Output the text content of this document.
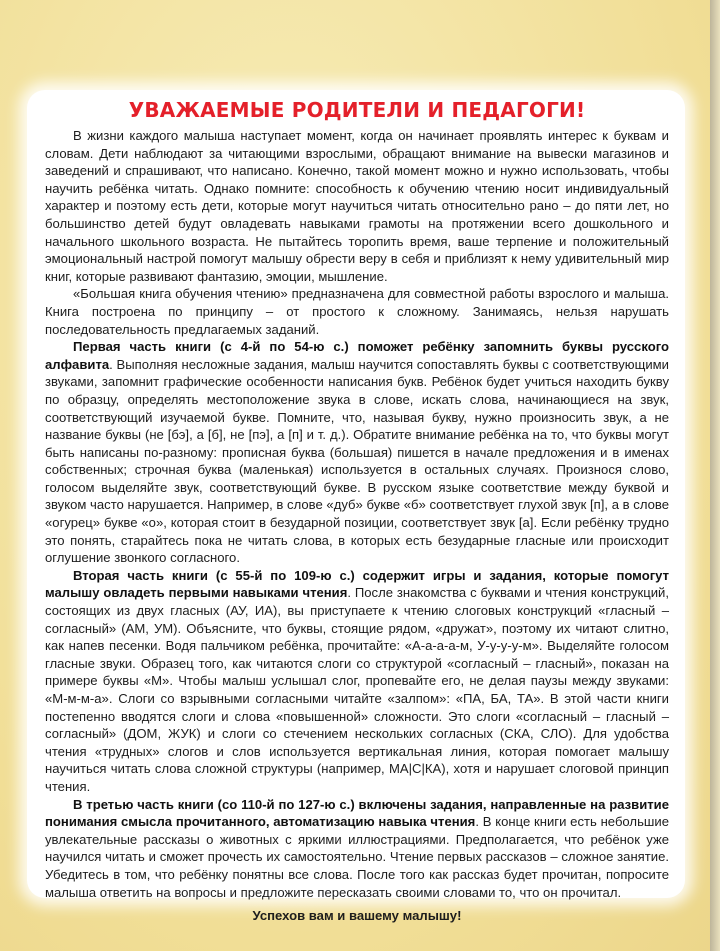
УВАЖАЕМЫЕ РОДИТЕЛИ И ПЕДАГОГИ!

В жизни каждого малыша наступает момент, когда он начинает проявлять интерес к буквам и словам. Дети наблюдают за читающими взрослыми, обращают внимание на вывески магазинов и заведений и спрашивают, что написано. Конечно, такой момент можно и нужно использовать, чтобы научить ребёнка читать. Однако помните: способность к обучению чтению носит индивидуальный характер и поэтому есть дети, которые могут научиться читать относительно рано – до пяти лет, но большинство детей будут овладевать навыками грамоты на протяжении всего дошкольного и начального школьного возраста. Не пытайтесь торопить время, ваше терпение и положительный эмоциональный настрой помогут малышу обрести веру в себя и приблизят к нему удивительный мир книг, которые развивают фантазию, эмоции, мышление.

«Большая книга обучения чтению» предназначена для совместной работы взрослого и малыша. Книга построена по принципу – от простого к сложному. Занимаясь, нельзя нарушать последовательность предлагаемых заданий.

Первая часть книги (с 4-й по 54-ю с.) поможет ребёнку запомнить буквы русского алфавита. Выполняя несложные задания, малыш научится сопоставлять буквы с соответствующими звуками, запомнит графические особенности написания букв. Ребёнок будет учиться находить букву по образцу, определять местоположение звука в слове, искать слова, начинающиеся на звук, соответствующий изучаемой букве. Помните, что, называя букву, нужно произносить звук, а не название буквы (не [бэ], а [б], не [пэ], а [п] и т. д.). Обратите внимание ребёнка на то, что буквы могут быть написаны по-разному: прописная буква (большая) пишется в начале предложения и в именах собственных; строчная буква (маленькая) используется в остальных случаях. Произнося слово, голосом выделяйте звук, соответствующий букве. В русском языке соответствие между буквой и звуком часто нарушается. Например, в слове «дуб» букве «б» соответствует глухой звук [п], а в слове «огурец» букве «о», которая стоит в безударной позиции, соответствует звук [а]. Если ребёнку трудно это понять, старайтесь пока не читать слова, в которых есть безударные гласные или происходит оглушение звонкого согласного.

Вторая часть книги (с 55-й по 109-ю с.) содержит игры и задания, которые помогут малышу овладеть первыми навыками чтения. После знакомства с буквами и чтения конструкций, состоящих из двух гласных (АУ, ИА), вы приступаете к чтению слоговых конструкций «гласный – согласный» (АМ, УМ). Объясните, что буквы, стоящие рядом, «дружат», поэтому их читают слитно, как напев песенки. Водя пальчиком ребёнка, прочитайте: «А-а-а-а-м, У-у-у-у-м». Выделяйте голосом гласные звуки. Образец того, как читаются слоги со структурой «согласный – гласный», показан на примере буквы «М». Чтобы малыш услышал слог, пропевайте его, не делая паузы между звуками: «М-м-м-а». Слоги со взрывными согласными читайте «залпом»: «ПА, БА, ТА». В этой части книги постепенно вводятся слоги и слова «повышенной» сложности. Это слоги «согласный – гласный – согласный» (ДОМ, ЖУК) и слоги со стечением нескольких согласных (СКА, СЛО). Для удобства чтения «трудных» слогов и слов используется вертикальная линия, которая помогает малышу научиться читать слова сложной структуры (например, МА|С|КА), хотя и нарушает слоговой принцип чтения.

В третью часть книги (со 110-й по 127-ю с.) включены задания, направленные на развитие понимания смысла прочитанного, автоматизацию навыка чтения. В конце книги есть небольшие увлекательные рассказы о животных с яркими иллюстрациями. Предполагается, что ребёнок уже научился читать и сможет прочесть их самостоятельно. Чтение первых рассказов – сложное занятие. Убедитесь в том, что ребёнку понятны все слова. После того как рассказ будет прочитан, попросите малыша ответить на вопросы и предложите пересказать своими словами то, что он прочитал.

Успехов вам и вашему малышу!
